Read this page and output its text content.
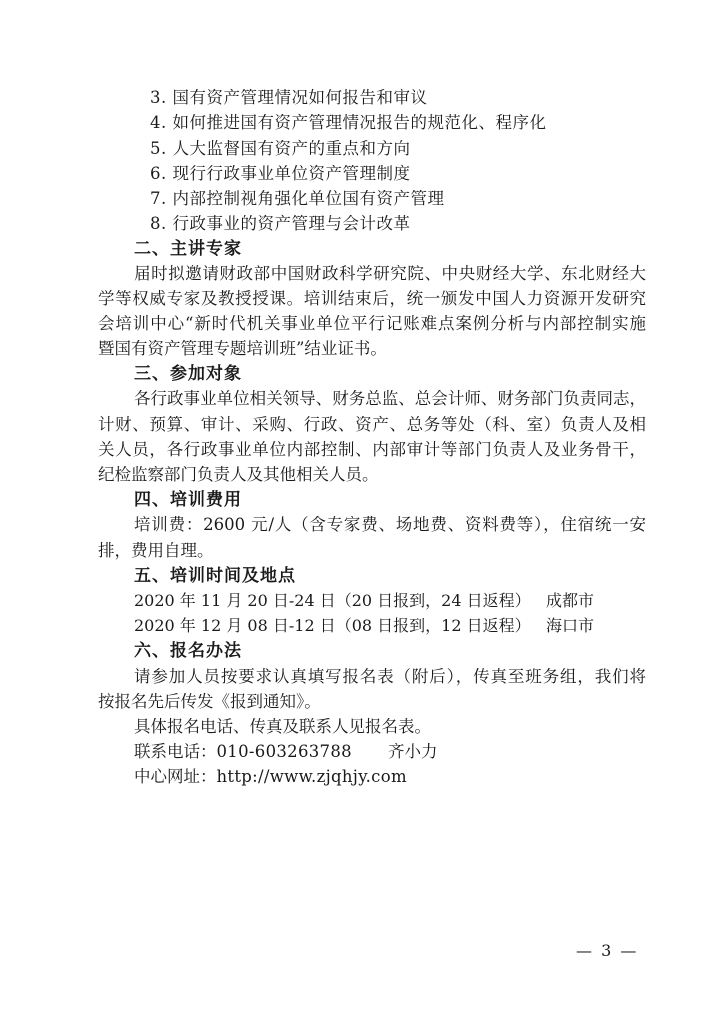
3. 国有资产管理情况如何报告和审议
4. 如何推进国有资产管理情况报告的规范化、程序化
5. 人大监督国有资产的重点和方向
6. 现行行政事业单位资产管理制度
7. 内部控制视角强化单位国有资产管理
8. 行政事业的资产管理与会计改革
二、主讲专家
届时拟邀请财政部中国财政科学研究院、中央财经大学、东北财经大
学等权威专家及教授授课。培训结束后，统一颁发中国人力资源开发研究
会培训中心“新时代机关事业单位平行记账难点案例分析与内部控制实施
暨国有资产管理专题培训班”结业证书。
三、参加对象
各行政事业单位相关领导、财务总监、总会计师、财务部门负责同志，
计财、预算、审计、采购、行政、资产、总务等处（科、室）负责人及相
关人员，各行政事业单位内部控制、内部审计等部门负责人及业务骨干，
纪检监察部门负责人及其他相关人员。
四、培训费用
培训费：2600 元/人（含专家费、场地费、资料费等），住宿统一安
排，费用自理。
五、培训时间及地点
2020 年 11 月 20 日-24 日（20 日报到，24 日返程） 成都市
2020 年 12 月 08 日-12 日（08 日报到，12 日返程） 海口市
六、报名办法
请参加人员按要求认真填写报名表（附后），传真至班务组，我们将
按报名先后传发《报到通知》。
具体报名电话、传真及联系人见报名表。
联系电话：010-603263788 齐小力
中心网址：http://www.zjqhjy.com
— 3 —
